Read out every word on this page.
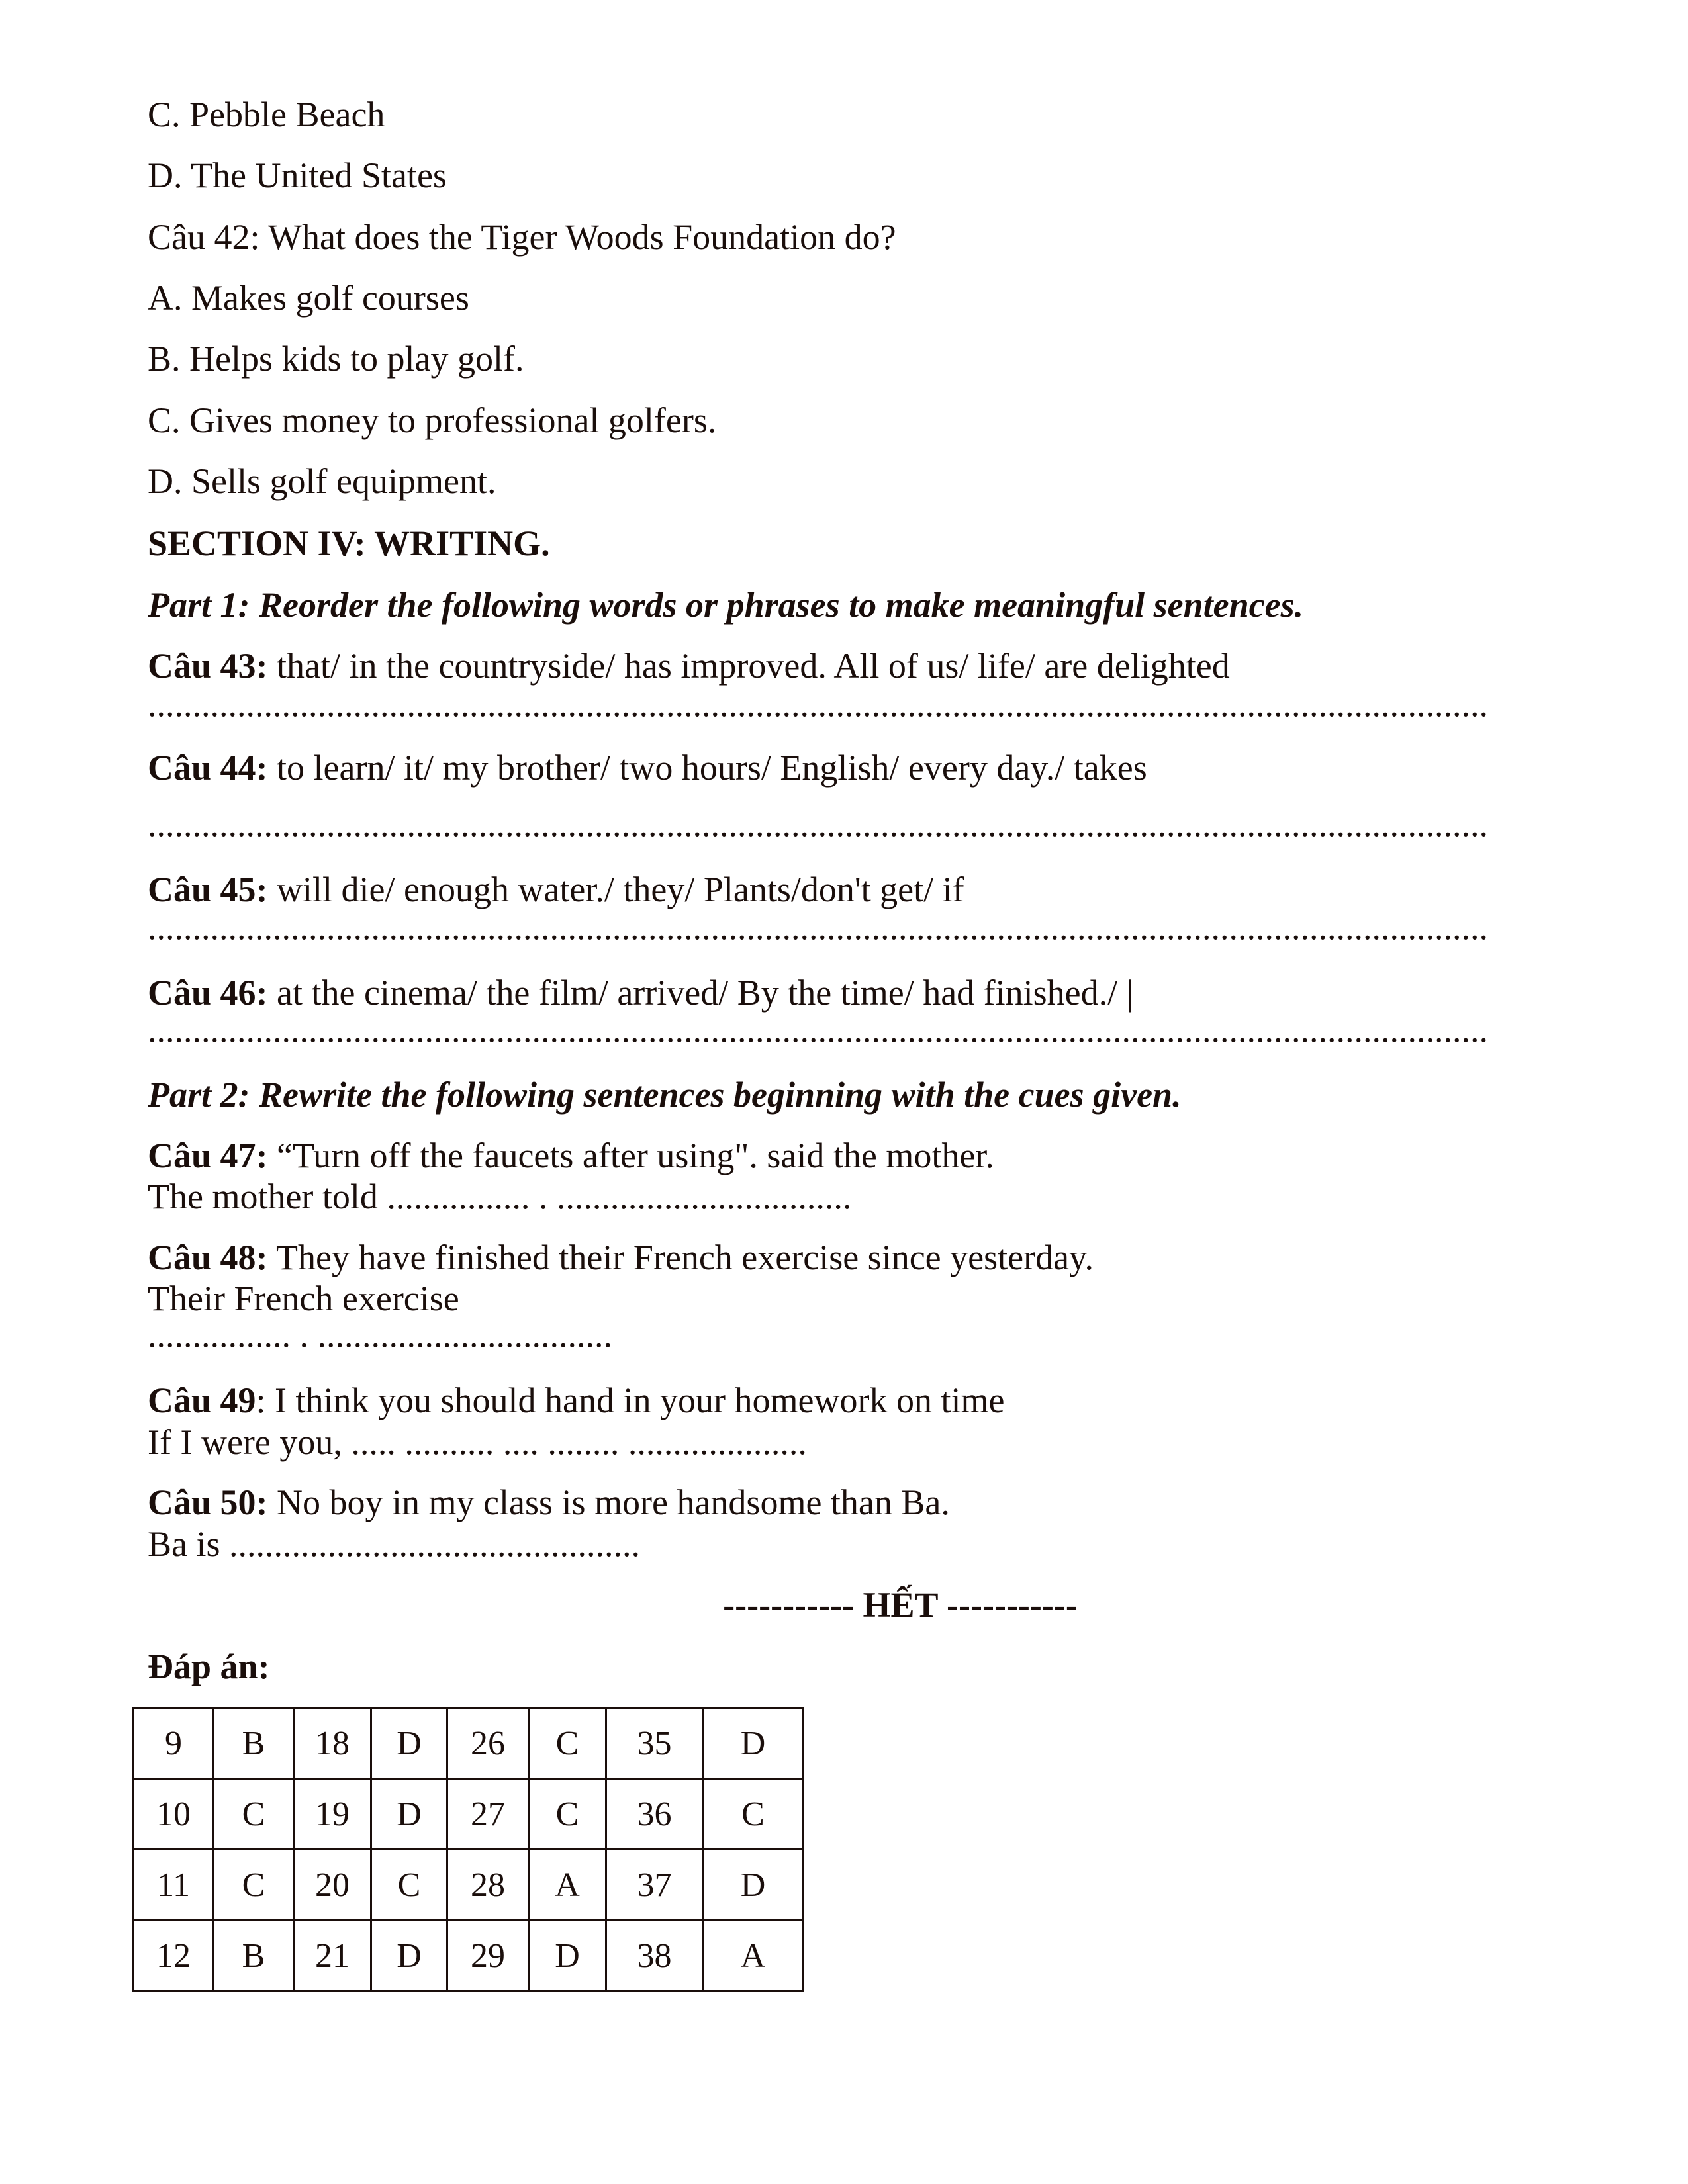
C. Pebble Beach
D. The United States
Câu 42: What does the Tiger Woods Foundation do?
A. Makes golf courses
B. Helps kids to play golf.
C. Gives money to professional golfers.
D. Sells golf equipment.
SECTION IV: WRITING.
Part 1: Reorder the following words or phrases to make meaningful sentences.
Câu 43: that/ in the countryside/ has improved. All of us/ life/ are delighted
......................................................................................................................................................
Câu 44: to learn/ it/ my brother/ two hours/ English/ every day./ takes
......................................................................................................................................................
Câu 45: will die/ enough water./ they/ Plants/don't get/ if
......................................................................................................................................................
Câu 46: at the cinema/ the film/ arrived/ By the time/ had finished./ |
......................................................................................................................................................
Part 2: Rewrite the following sentences beginning with the cues given.
Câu 47: “Turn off the faucets after using". said the mother.
The mother told ................ . .................................
Câu 48: They have finished their French exercise since yesterday.
Their French exercise
................ . .................................
Câu 49: I think you should hand in your homework on time
If I were you, ..... .......... .... ........ ....................
Câu 50: No boy in my class is more handsome than Ba.
Ba is ..............................................
----------- HẾT -----------
Đáp án:
9	B	18	D	26	C	35	D
10	C	19	D	27	C	36	C
11	C	20	C	28	A	37	D
12	B	21	D	29	D	38	A
